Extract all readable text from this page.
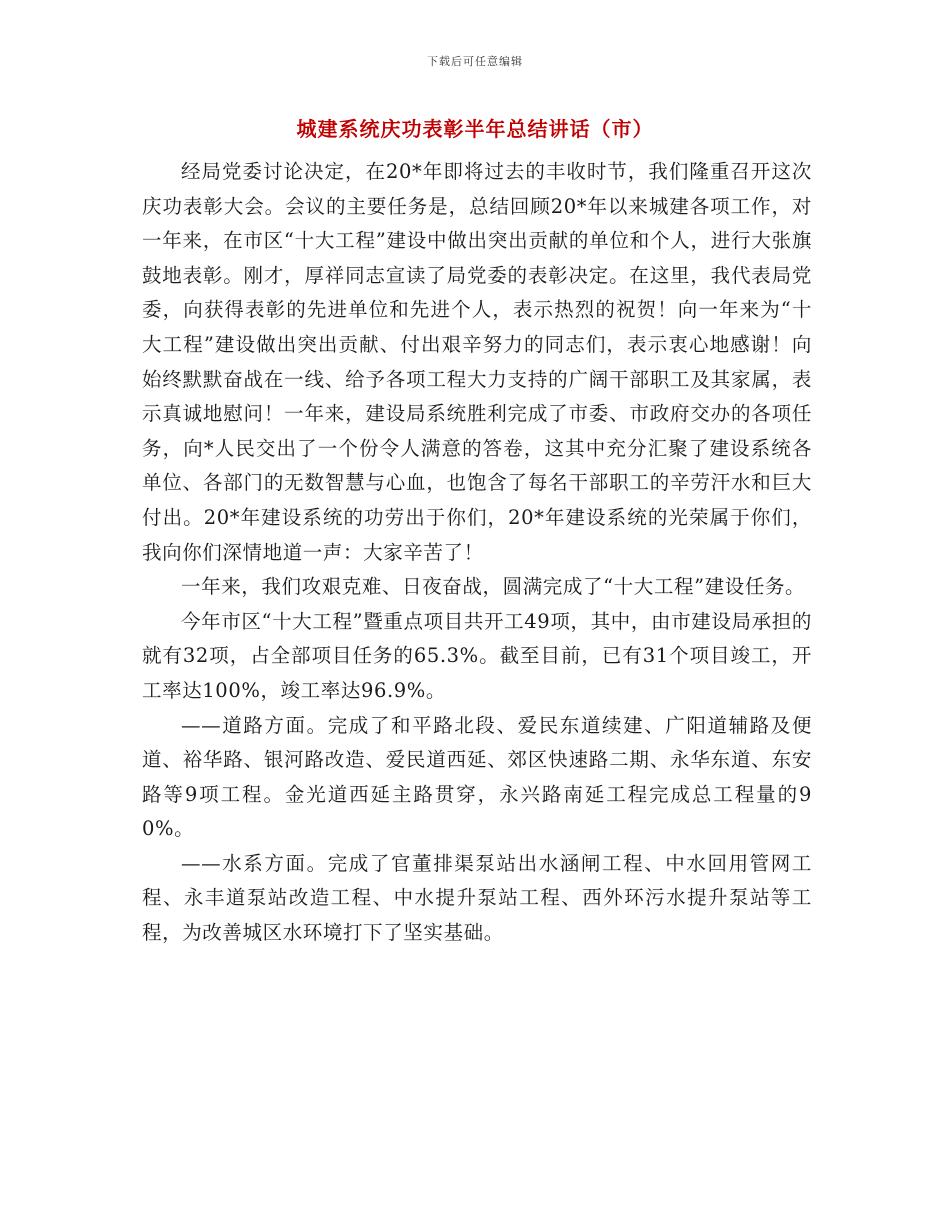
下载后可任意编辑
城建系统庆功表彰半年总结讲话（市）

经局党委讨论决定，在20*年即将过去的丰收时节，我们隆重召开这次庆功表彰大会。会议的主要任务是，总结回顾20*年以来城建各项工作，对一年来，在市区“十大工程”建设中做出突出贡献的单位和个人，进行大张旗鼓地表彰。刚才，厚祥同志宣读了局党委的表彰决定。在这里，我代表局党委，向获得表彰的先进单位和先进个人，表示热烈的祝贺！向一年来为“十大工程”建设做出突出贡献、付出艰辛努力的同志们，表示衷心地感谢！向始终默默奋战在一线、给予各项工程大力支持的广阔干部职工及其家属，表示真诚地慰问！一年来，建设局系统胜利完成了市委、市政府交办的各项任务，向*人民交出了一个份令人满意的答卷，这其中充分汇聚了建设系统各单位、各部门的无数智慧与心血，也饱含了每名干部职工的辛劳汗水和巨大付出。20*年建设系统的功劳出于你们，20*年建设系统的光荣属于你们，我向你们深情地道一声：大家辛苦了！

一年来，我们攻艰克难、日夜奋战，圆满完成了“十大工程”建设任务。

今年市区“十大工程”暨重点项目共开工49项，其中，由市建设局承担的就有32项，占全部项目任务的65.3%。截至目前，已有31个项目竣工，开工率达100%，竣工率达96.9%。

——道路方面。完成了和平路北段、爱民东道续建、广阳道辅路及便道、裕华路、银河路改造、爱民道西延、郊区快速路二期、永华东道、东安路等9项工程。金光道西延主路贯穿，永兴路南延工程完成总工程量的90%。

——水系方面。完成了官董排渠泵站出水涵闸工程、中水回用管网工程、永丰道泵站改造工程、中水提升泵站工程、西外环污水提升泵站等工程，为改善城区水环境打下了坚实基础。
